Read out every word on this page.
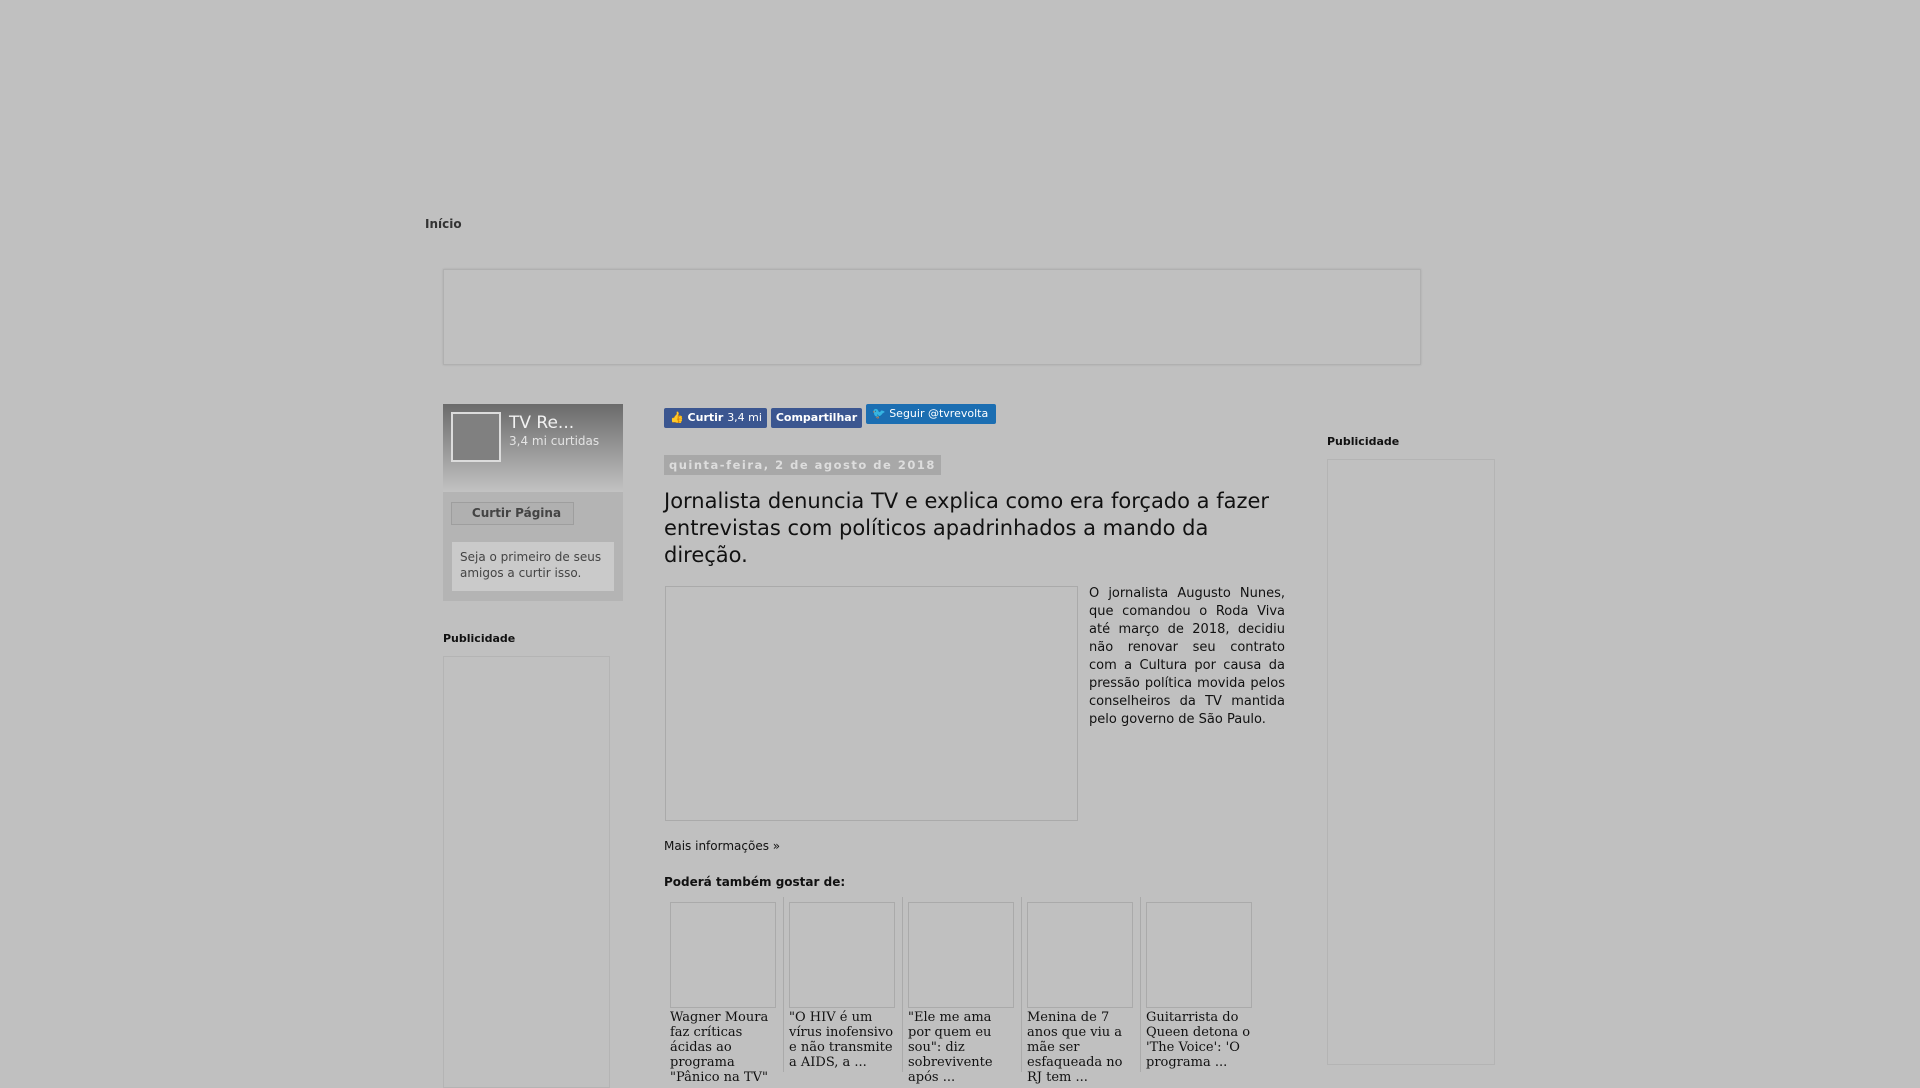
Início
TV Re...
3,4 mi curtidas
Curtir Página
Seja o primeiro de seus amigos a curtir isso.
Publicidade
👍 Curtir 3,4 mi	Compartilhar	🐦 Seguir @tvrevolta
quinta-feira, 2 de agosto de 2018
Jornalista denuncia TV e explica como era forçado a fazer entrevistas com políticos apadrinhados a mando da direção.
O jornalista Augusto Nunes, que comandou o Roda Viva até março de 2018, decidiu não renovar seu contrato com a Cultura por causa da pressão política movida pelos conselheiros da TV mantida pelo governo de São Paulo.
Mais informações »
Poderá também gostar de:
Wagner Moura faz críticas ácidas ao programa "Pânico na TV"
"O HIV é um vírus inofensivo e não transmite a AIDS, a ...
"Ele me ama por quem eu sou": diz sobrevivente após ...
Menina de 7 anos que viu a mãe ser esfaqueada no RJ tem ...
Guitarrista do Queen detona o 'The Voice': 'O programa ...
Publicidade
